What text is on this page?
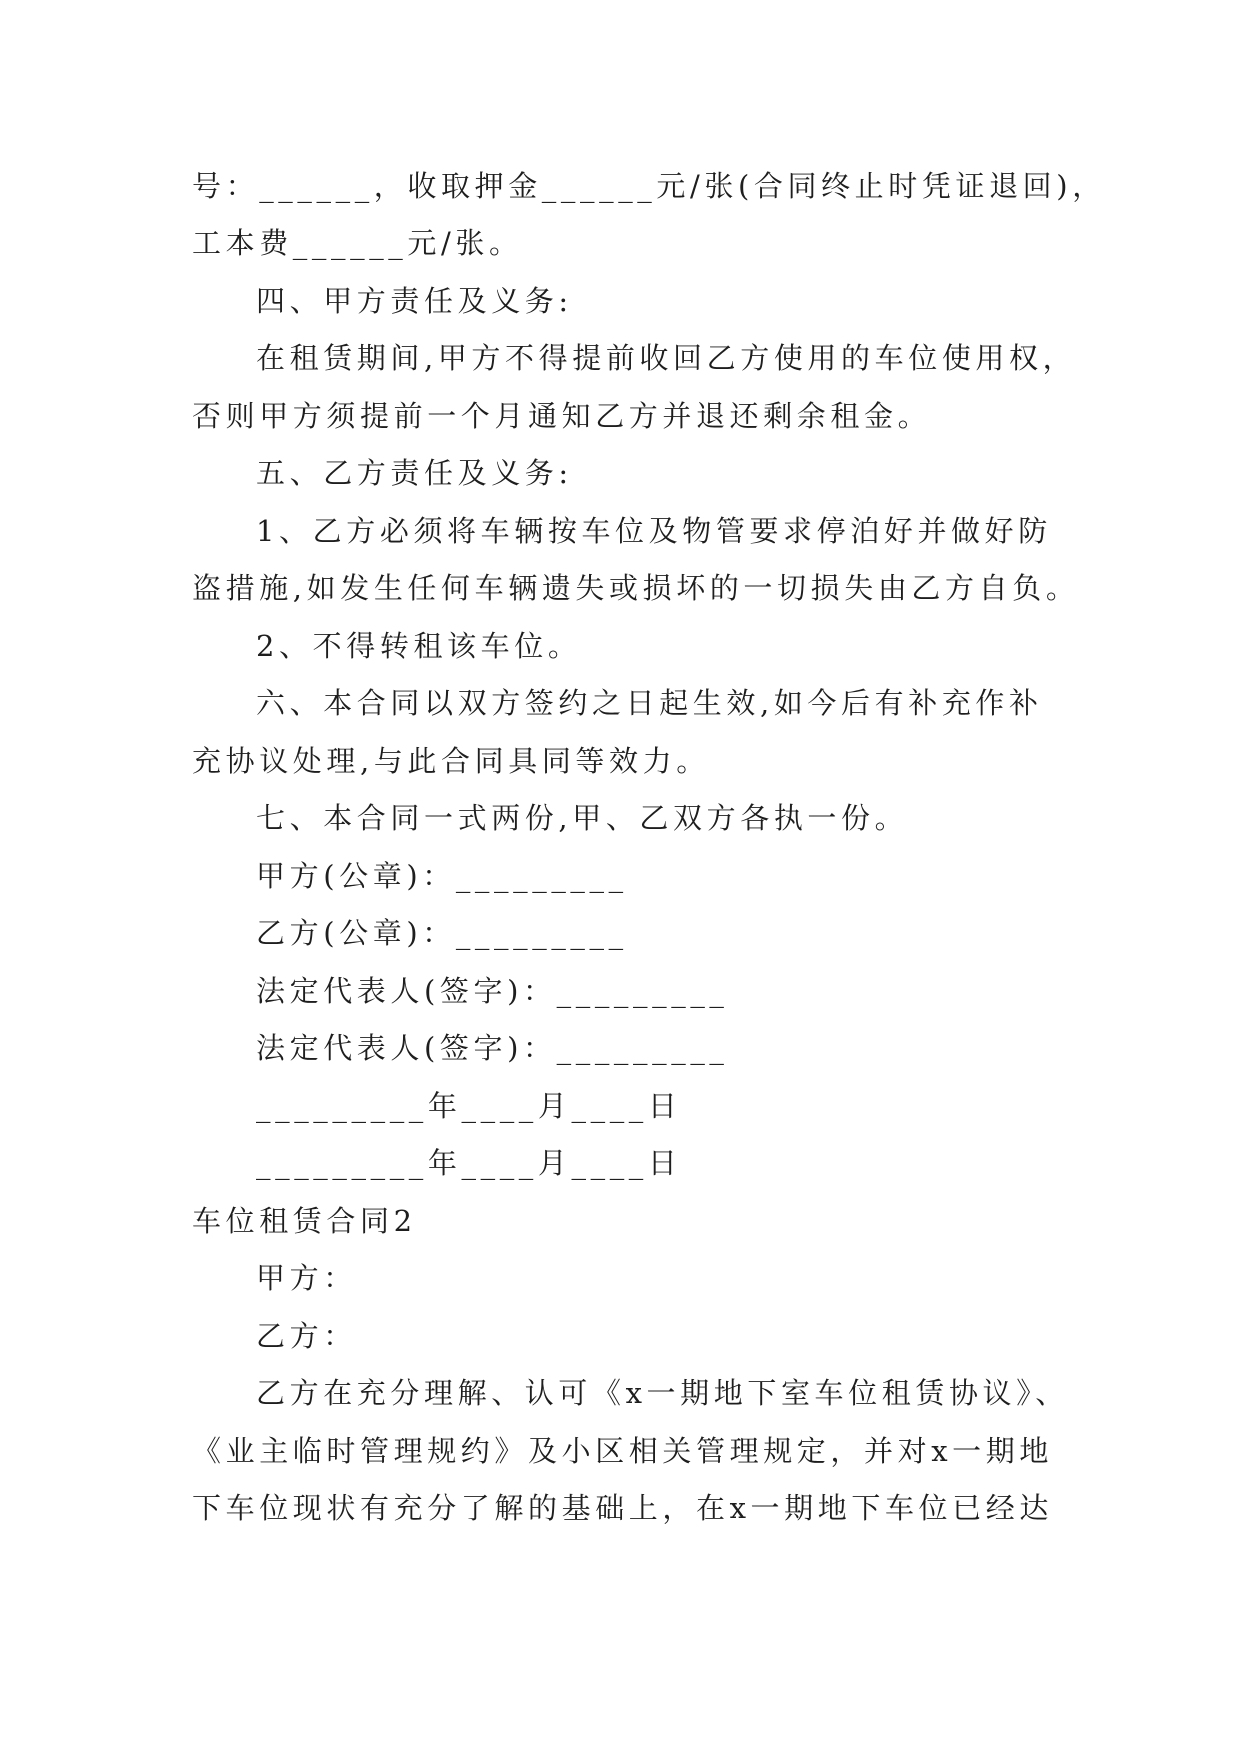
号：______，收取押金______元/张(合同终止时凭证退回)，
工本费______元/张。
四、甲方责任及义务:
在租赁期间,甲方不得提前收回乙方使用的车位使用权，
否则甲方须提前一个月通知乙方并退还剩余租金。
五、乙方责任及义务:
1、乙方必须将车辆按车位及物管要求停泊好并做好防
盗措施,如发生任何车辆遗失或损坏的一切损失由乙方自负。
2、不得转租该车位。
六、本合同以双方签约之日起生效,如今后有补充作补
充协议处理,与此合同具同等效力。
七、本合同一式两份,甲、乙双方各执一份。
甲方(公章)：_________
乙方(公章)：_________
法定代表人(签字)：_________
法定代表人(签字)：_________
_________年____月____日
_________年____月____日
车位租赁合同2
甲方：
乙方：
乙方在充分理解、认可《x一期地下室车位租赁协议》、
《业主临时管理规约》及小区相关管理规定，并对x一期地
下车位现状有充分了解的基础上，在x一期地下车位已经达
